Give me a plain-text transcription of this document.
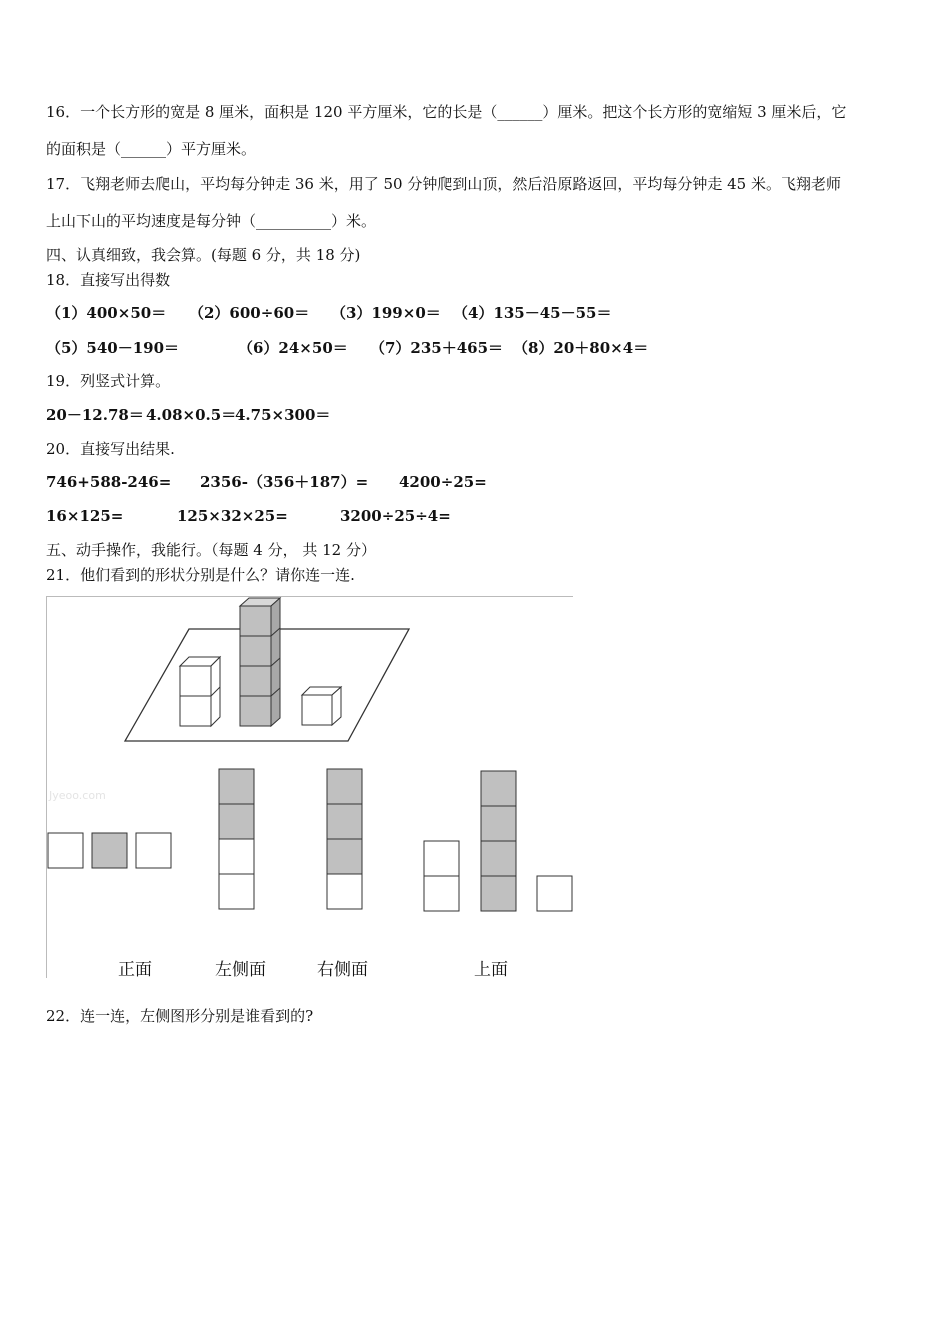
16．一个长方形的宽是 8 厘米，面积是 120 平方厘米，它的长是（______）厘米。把这个长方形的宽缩短 3 厘米后，它
的面积是（______）平方厘米。
17．飞翔老师去爬山，平均每分钟走 36 米，用了 50 分钟爬到山顶，然后沿原路返回，平均每分钟走 45 米。飞翔老师
上山下山的平均速度是每分钟（__________）米。
四、认真细致，我会算。(每题 6 分，共 18 分)
18．直接写出得数
（1）400×50＝ （2）600÷60＝ （3）199×0＝ （4）135－45－55＝
（5）540－190＝	（6）24×50＝ （7）235＋465＝ （8）20＋80×4＝
19．列竖式计算。
20－12.78＝ 4.08×0.5＝
4.75×300＝
20．直接写出结果.
746+588-246= 2356-（356＋187）= 4200÷25=
16×125=	125×32×25=	3200÷25÷4=
五、动手操作，我能行。（每题 4 分， 共 12 分）
21．他们看到的形状分别是什么？请你连一连.
Jyeoo.com
正面	左侧面	右侧面	上面
22．连一连，左侧图形分别是谁看到的?
